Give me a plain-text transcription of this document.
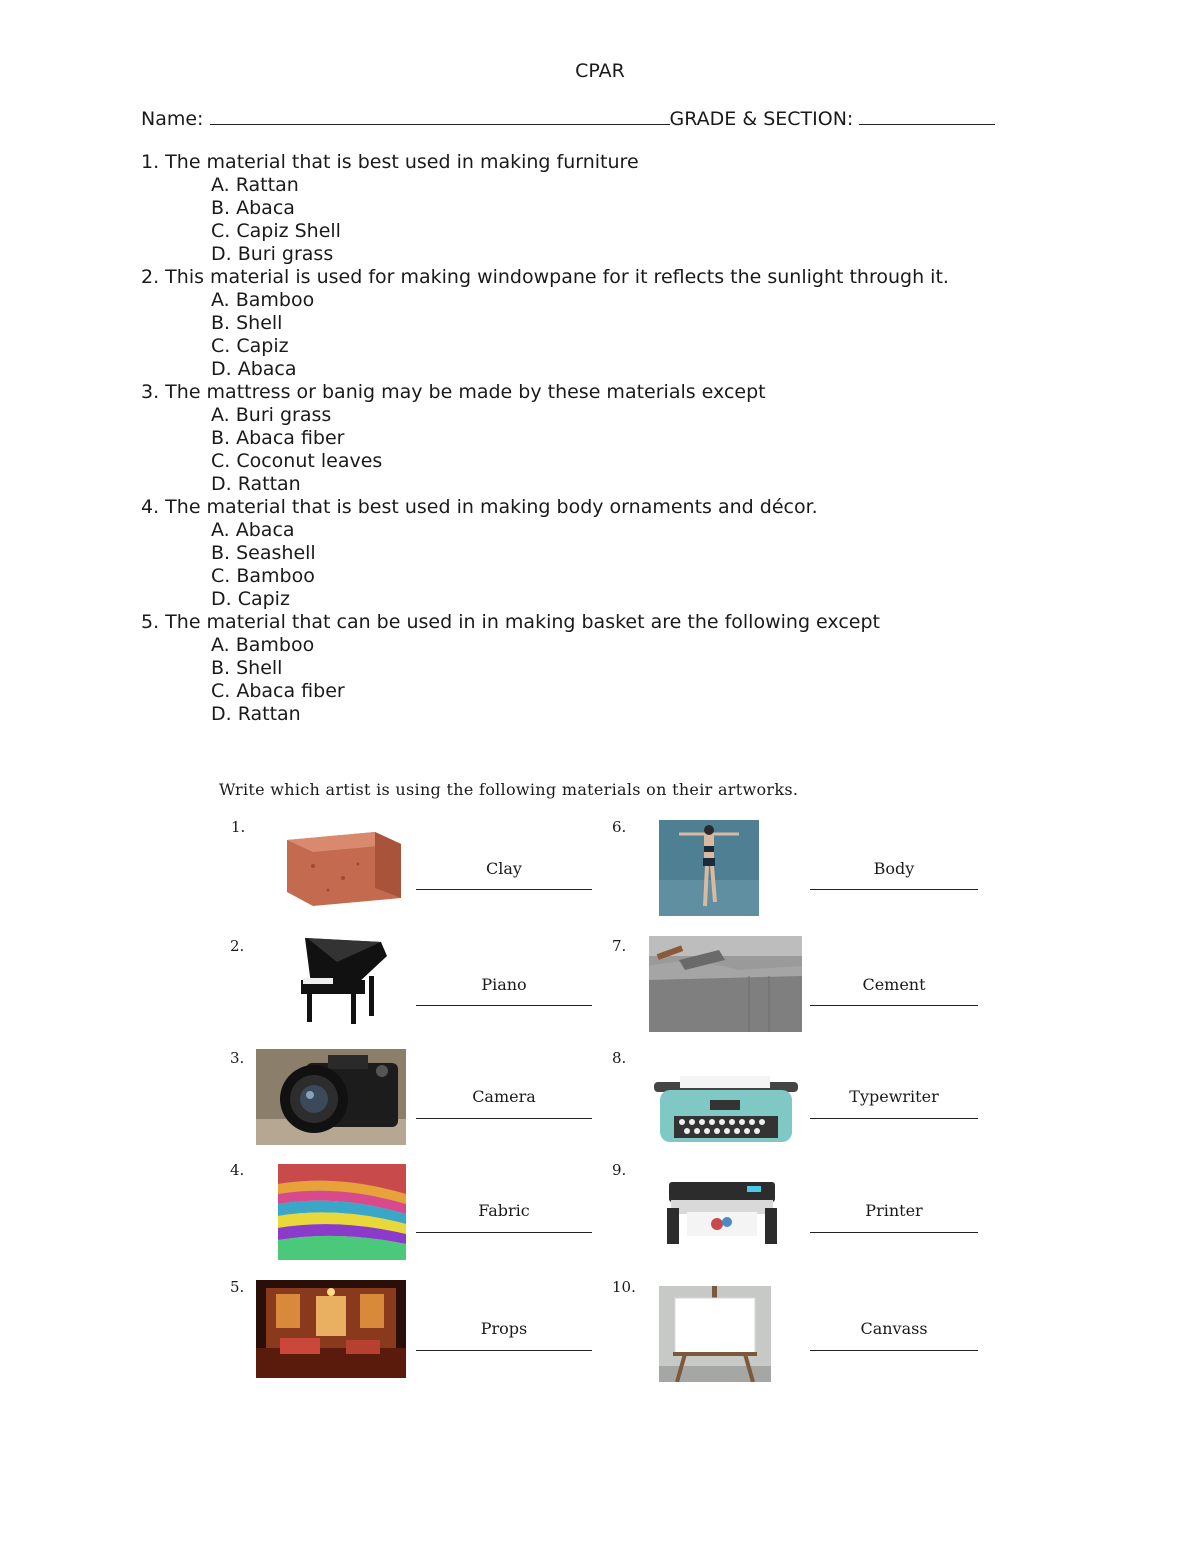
CPAR
Name:	GRADE & SECTION:
1. The material that is best used in making furniture
A. Rattan
B. Abaca
C. Capiz Shell
D. Buri grass
2. This material is used for making windowpane for it reflects the sunlight through it.
A. Bamboo
B. Shell
C. Capiz
D. Abaca
3. The mattress or banig may be made by these materials except
A. Buri grass
B. Abaca fiber
C. Coconut leaves
D. Rattan
4. The material that is best used in making body ornaments and décor.
A. Abaca
B. Seashell
C. Bamboo
D. Capiz
5. The material that can be used in in making basket are the following except
A. Bamboo
B. Shell
C. Abaca fiber
D. Rattan
Write which artist is using the following materials on their artworks.
1.
Clay
2.
Piano
3.
Camera
4.
Fabric
5.
Props
6.
Body
7.
Cement
8.
Typewriter
9.
Printer
10.
Canvass
